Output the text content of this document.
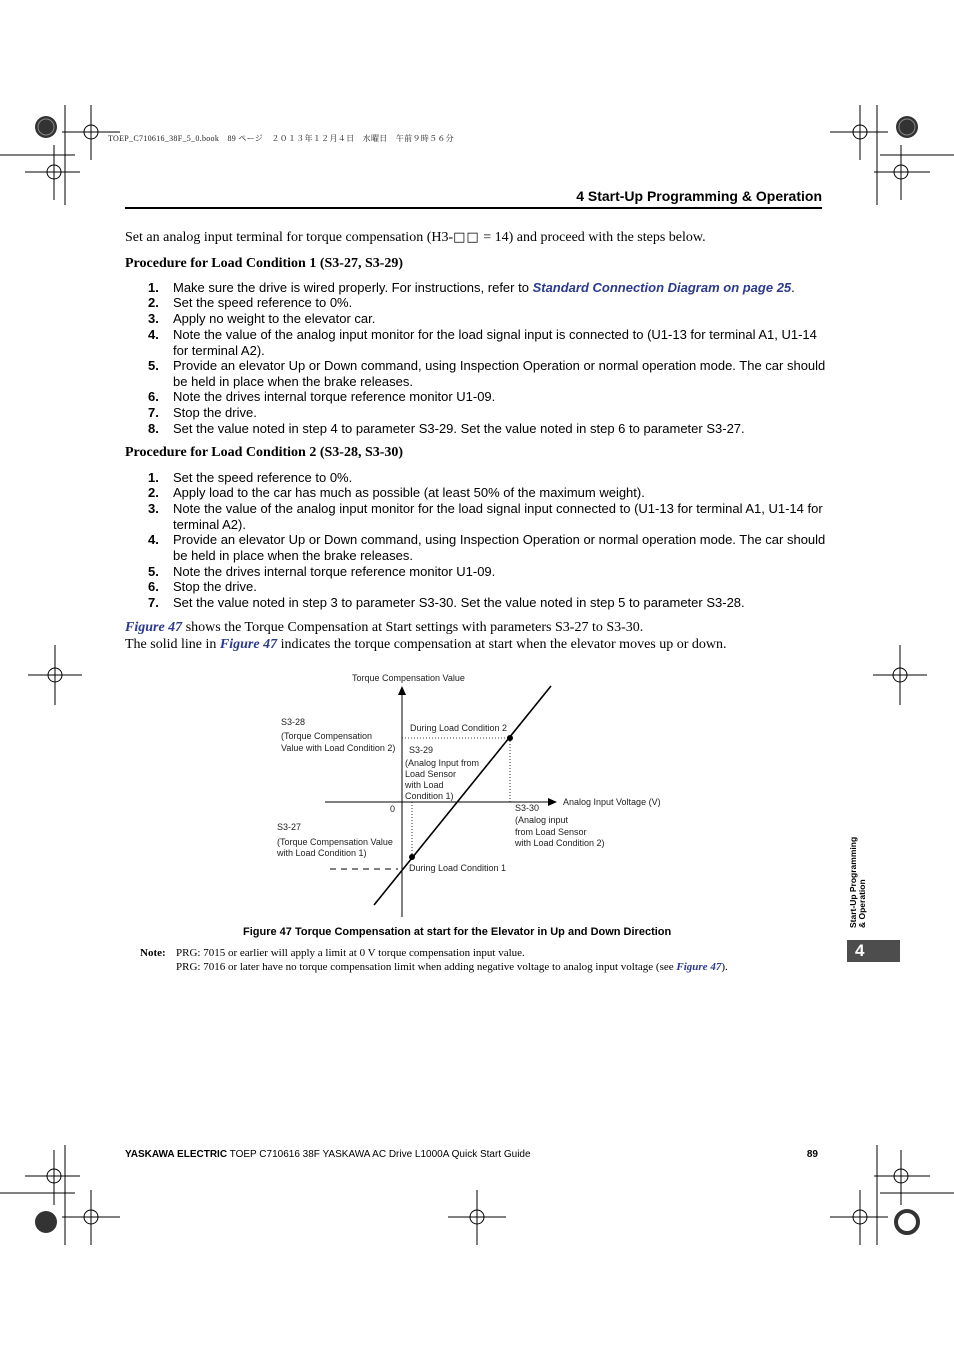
TOEP_C710616_38F_5_0.book　89 ページ　２０１３年１２月４日　水曜日　午前９時５６分
4 Start-Up Programming & Operation
Set an analog input terminal for torque compensation (H3-□□ = 14) and proceed with the steps below.
Procedure for Load Condition 1 (S3-27, S3-29)
1.	Make sure the drive is wired properly. For instructions, refer to Standard Connection Diagram on page 25.
2.	Set the speed reference to 0%.
3.	Apply no weight to the elevator car.
4.	Note the value of the analog input monitor for the load signal input is connected to (U1-13 for terminal A1, U1-14 for terminal A2).
5.	Provide an elevator Up or Down command, using Inspection Operation or normal operation mode. The car should be held in place when the brake releases.
6.	Note the drives internal torque reference monitor U1-09.
7.	Stop the drive.
8.	Set the value noted in step 4 to parameter S3-29. Set the value noted in step 6 to parameter S3-27.
Procedure for Load Condition 2 (S3-28, S3-30)
1.	Set the speed reference to 0%.
2.	Apply load to the car has much as possible (at least 50% of the maximum weight).
3.	Note the value of the analog input monitor for the load signal input connected to (U1-13 for terminal A1, U1-14 for terminal A2).
4.	Provide an elevator Up or Down command, using Inspection Operation or normal operation mode. The car should be held in place when the brake releases.
5.	Note the drives internal torque reference monitor U1-09.
6.	Stop the drive.
7.	Set the value noted in step 3 to parameter S3-30. Set the value noted in step 5 to parameter S3-28.
Figure 47 shows the Torque Compensation at Start settings with parameters S3-27 to S3-30.
The solid line in Figure 47 indicates the torque compensation at start when the elevator moves up or down.
Torque Compensation Value
Analog Input Voltage (V)
0
S3-28
(Torque Compensation
Value with Load Condition 2)
During Load Condition 2
S3-29
(Analog Input from
Load Sensor
with Load
Condition 1)
S3-30
(Analog input
from Load Sensor
with Load Condition 2)
S3-27
(Torque Compensation Value
with Load Condition 1)
During Load Condition 1
Figure 47 Torque Compensation at start for the Elevator in Up and Down Direction
Note: PRG: 7015 or earlier will apply a limit at 0 V torque compensation input value.
PRG: 7016 or later have no torque compensation limit when adding negative voltage to analog input voltage (see Figure 47).
Start-Up Programming & Operation
4
YASKAWA ELECTRIC TOEP C710616 38F YASKAWA AC Drive L1000A Quick Start Guide	89
